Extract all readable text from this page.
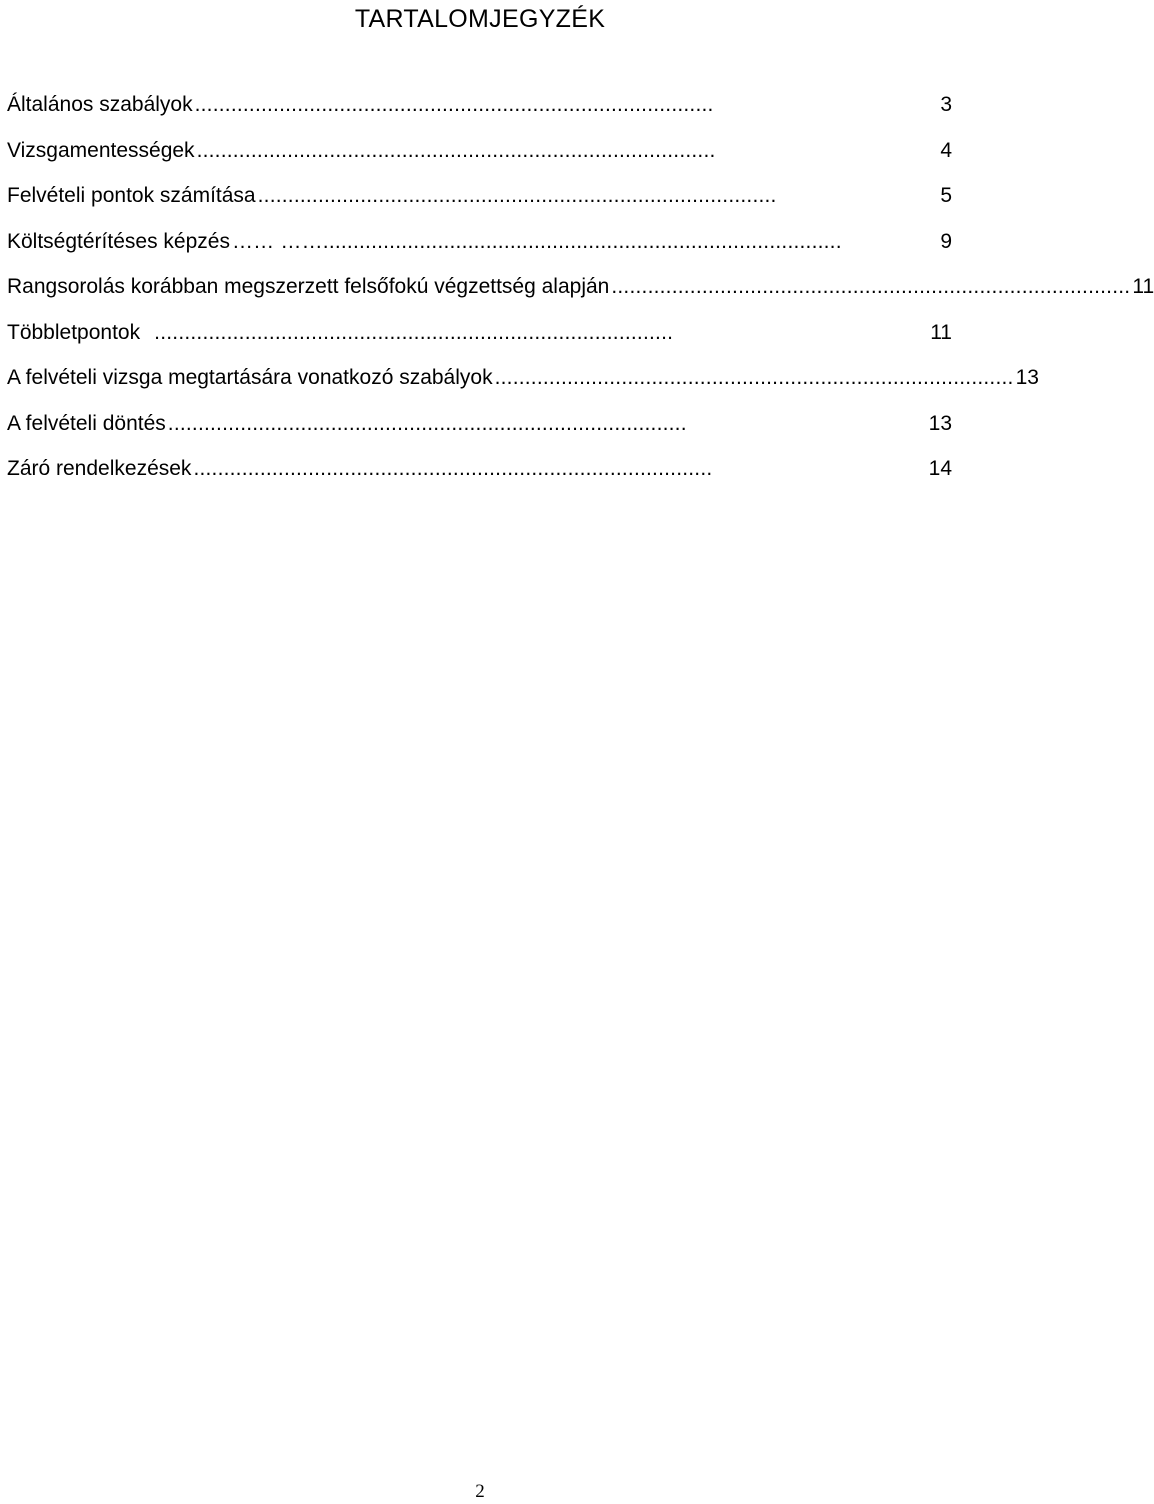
TARTALOMJEGYZÉK
Általános szabályok ......................................................................................	3
Vizsgamentességek ......................................................................................	4
Felvételi pontok számítása ......................................................................................	5
Költségtérítéses képzés …… ……......................................................................................	9
Rangsorolás korábban megszerzett felsőfokú végzettség alapján ...................................................................................... 11
Többletpontok ......................................................................................	11
A felvételi vizsga megtartására vonatkozó szabályok ...................................................................................... 13
A felvételi döntés ......................................................................................	13
Záró rendelkezések ......................................................................................	14
2
